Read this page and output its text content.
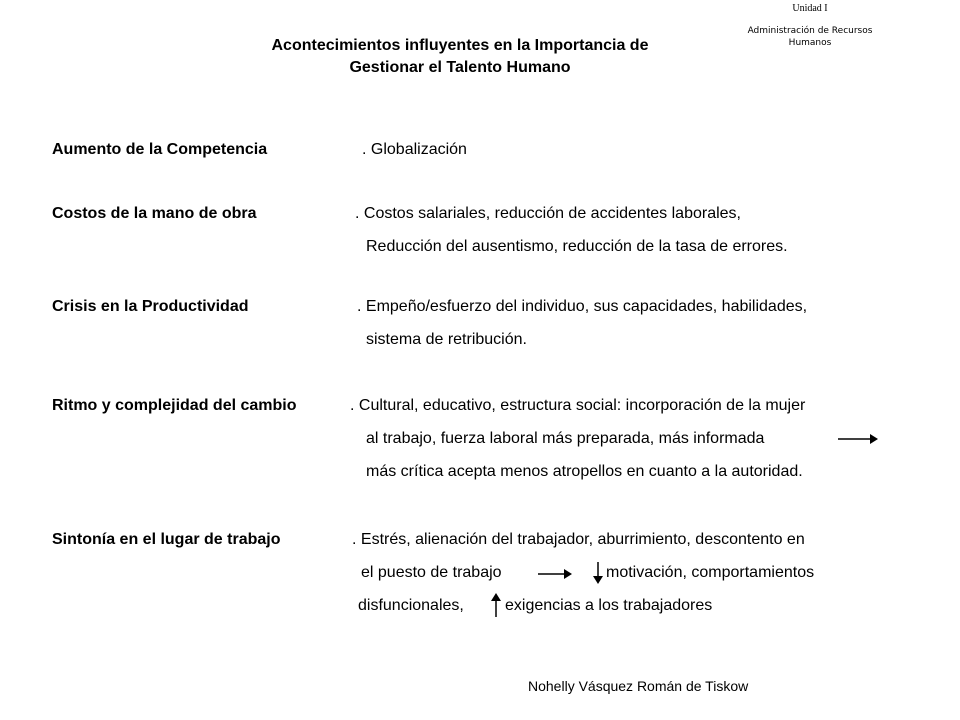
Unidad I
Administración de Recursos Humanos
Acontecimientos influyentes en la Importancia de
Gestionar el Talento Humano
Aumento de la Competencia	. Globalización
Costos de la mano de obra	. Costos salariales, reducción de accidentes laborales,
Reducción del ausentismo, reducción de la tasa de errores.
Crisis en la Productividad	. Empeño/esfuerzo del individuo, sus capacidades, habilidades,
sistema de retribución.
Ritmo y complejidad del cambio	. Cultural, educativo, estructura social: incorporación de la mujer
al trabajo, fuerza laboral más preparada, más informada
más crítica acepta menos atropellos en cuanto a la autoridad.
Sintonía en el lugar de trabajo	. Estrés, alienación del trabajador, aburrimiento, descontento en
el puesto de trabajo	motivación, comportamientos
disfuncionales,	exigencias a los trabajadores
Nohelly Vásquez Román de Tiskow
